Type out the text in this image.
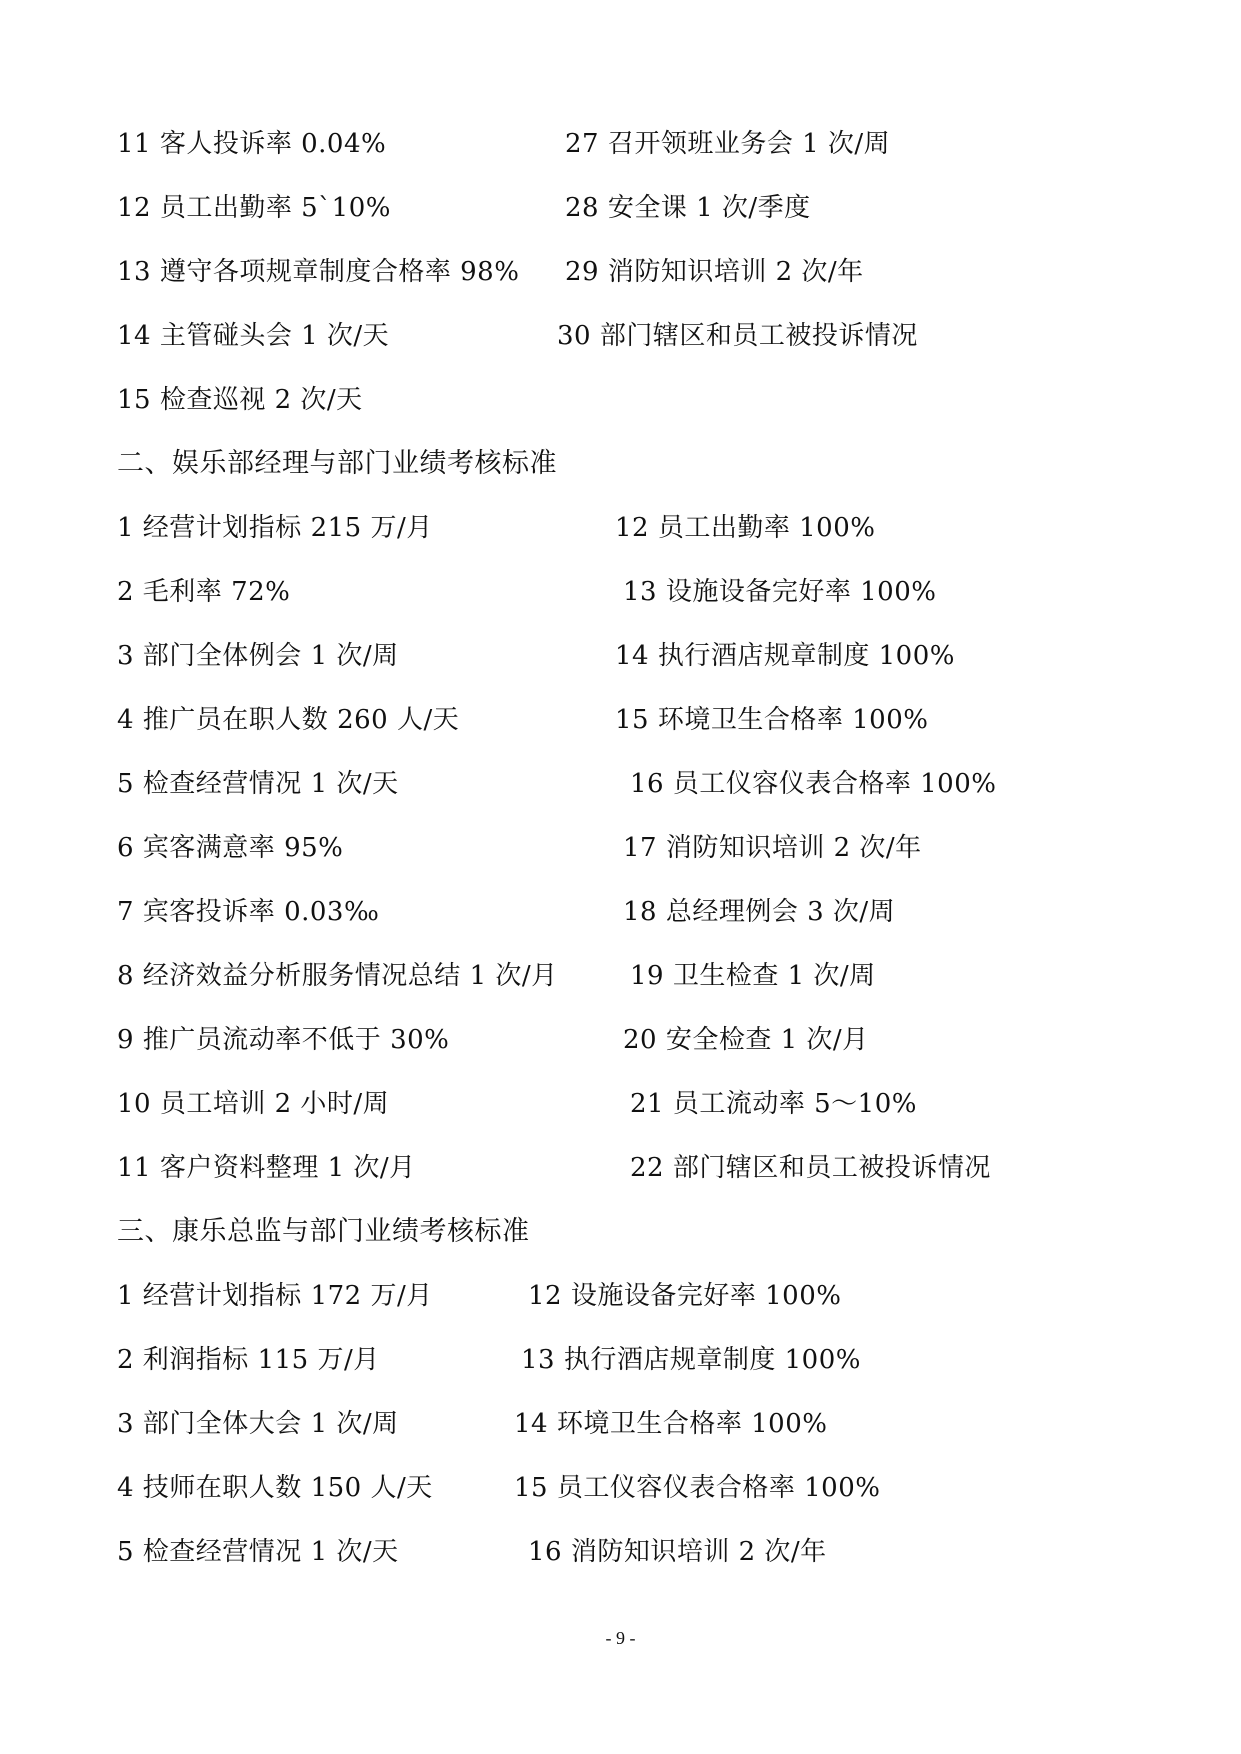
11 客人投诉率 0.04%
12 员工出勤率 5`10%
13 遵守各项规章制度合格率 98%
14 主管碰头会 1 次/天
15 检查巡视 2 次/天
27 召开领班业务会 1 次/周
28 安全课 1 次/季度
29 消防知识培训 2 次/年
30 部门辖区和员工被投诉情况
二、娱乐部经理与部门业绩考核标准
1 经营计划指标 215 万/月
2 毛利率 72%
3 部门全体例会 1 次/周
4 推广员在职人数 260 人/天
5 检查经营情况 1 次/天
6 宾客满意率 95%
7 宾客投诉率 0.03‰
8 经济效益分析服务情况总结 1 次/月
9 推广员流动率不低于 30%
10 员工培训 2 小时/周
11 客户资料整理 1 次/月
12 员工出勤率 100%
13 设施设备完好率 100%
14 执行酒店规章制度 100%
15 环境卫生合格率 100%
16 员工仪容仪表合格率 100%
17 消防知识培训 2 次/年
18 总经理例会 3 次/周
19 卫生检查 1 次/周
20 安全检查 1 次/月
21 员工流动率 5～10%
22 部门辖区和员工被投诉情况
三、康乐总监与部门业绩考核标准
1 经营计划指标 172 万/月
2 利润指标 115 万/月
3 部门全体大会 1 次/周
4 技师在职人数 150 人/天
5 检查经营情况 1 次/天
12 设施设备完好率 100%
13 执行酒店规章制度 100%
14 环境卫生合格率 100%
15 员工仪容仪表合格率 100%
16 消防知识培训 2 次/年
- 9 -
